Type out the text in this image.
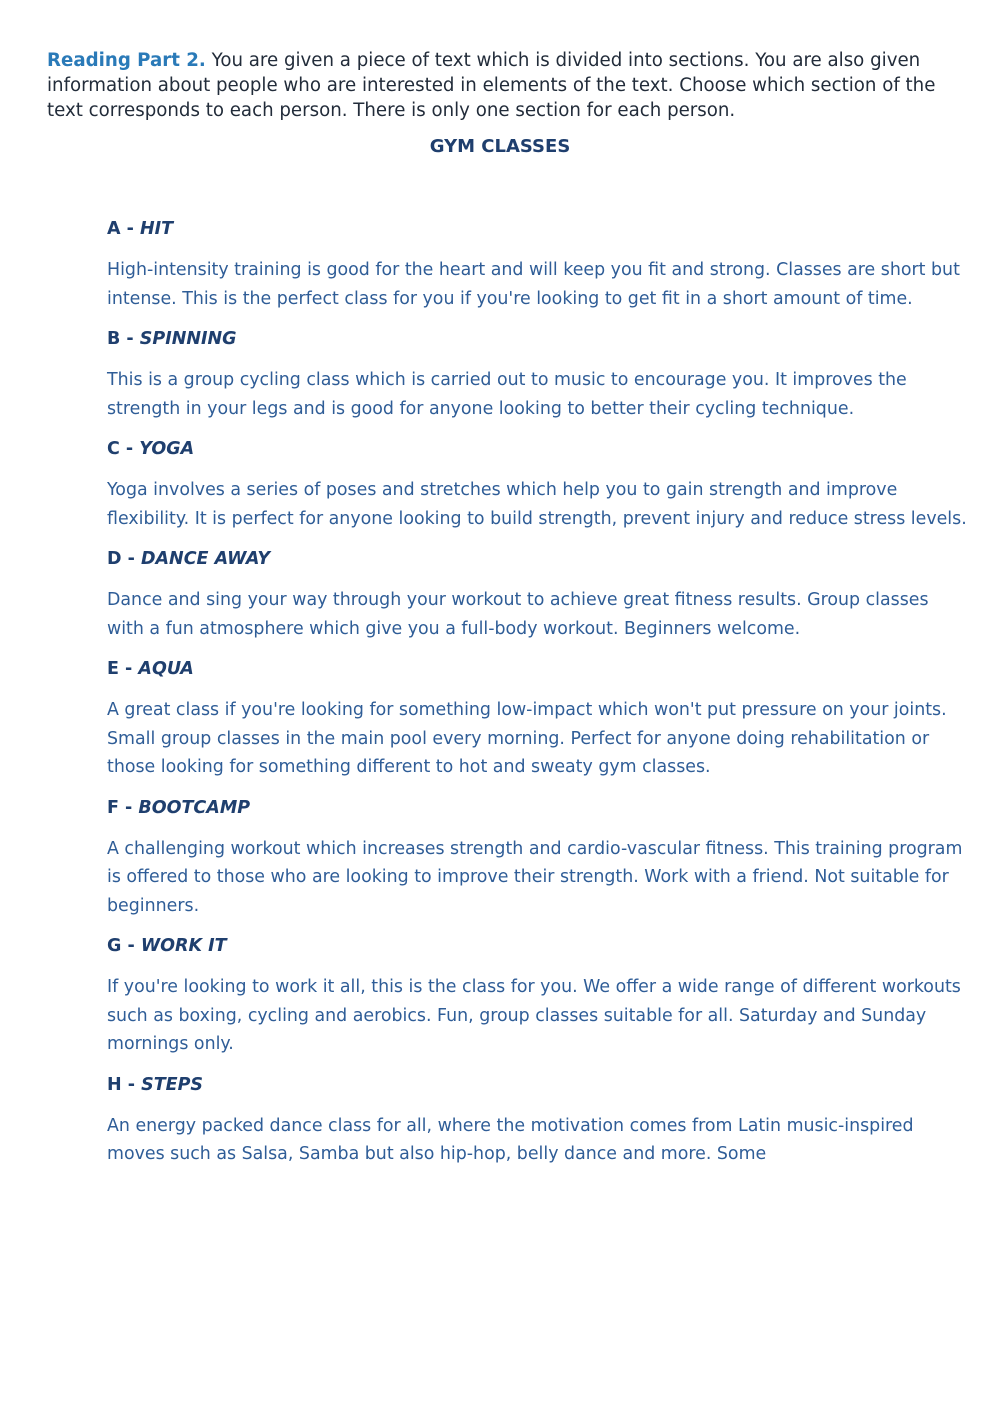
Reading Part 2. You are given a piece of text which is divided into sections. You are also given information about people who are interested in elements of the text. Choose which section of the text corresponds to each person. There is only one section for each person.

GYM CLASSES
A - HIT
High-intensity training is good for the heart and will keep you fit and strong. Classes are short but intense. This is the perfect class for you if you're looking to get fit in a short amount of time.
B - SPINNING
This is a group cycling class which is carried out to music to encourage you. It improves the strength in your legs and is good for anyone looking to better their cycling technique.
C - YOGA
Yoga involves a series of poses and stretches which help you to gain strength and improve flexibility. It is perfect for anyone looking to build strength, prevent injury and reduce stress levels.
D - DANCE AWAY
Dance and sing your way through your workout to achieve great fitness results. Group classes with a fun atmosphere which give you a full-body workout. Beginners welcome.
E - AQUA
A great class if you're looking for something low-impact which won't put pressure on your joints. Small group classes in the main pool every morning. Perfect for anyone doing rehabilitation or those looking for something different to hot and sweaty gym classes.
F - BOOTCAMP
A challenging workout which increases strength and cardio-vascular fitness. This training program is offered to those who are looking to improve their strength. Work with a friend. Not suitable for beginners.
G - WORK IT
If you're looking to work it all, this is the class for you. We offer a wide range of different workouts such as boxing, cycling and aerobics. Fun, group classes suitable for all. Saturday and Sunday mornings only.
H - STEPS
An energy packed dance class for all, where the motivation comes from Latin music-inspired moves such as Salsa, Samba but also hip-hop, belly dance and more. Some
